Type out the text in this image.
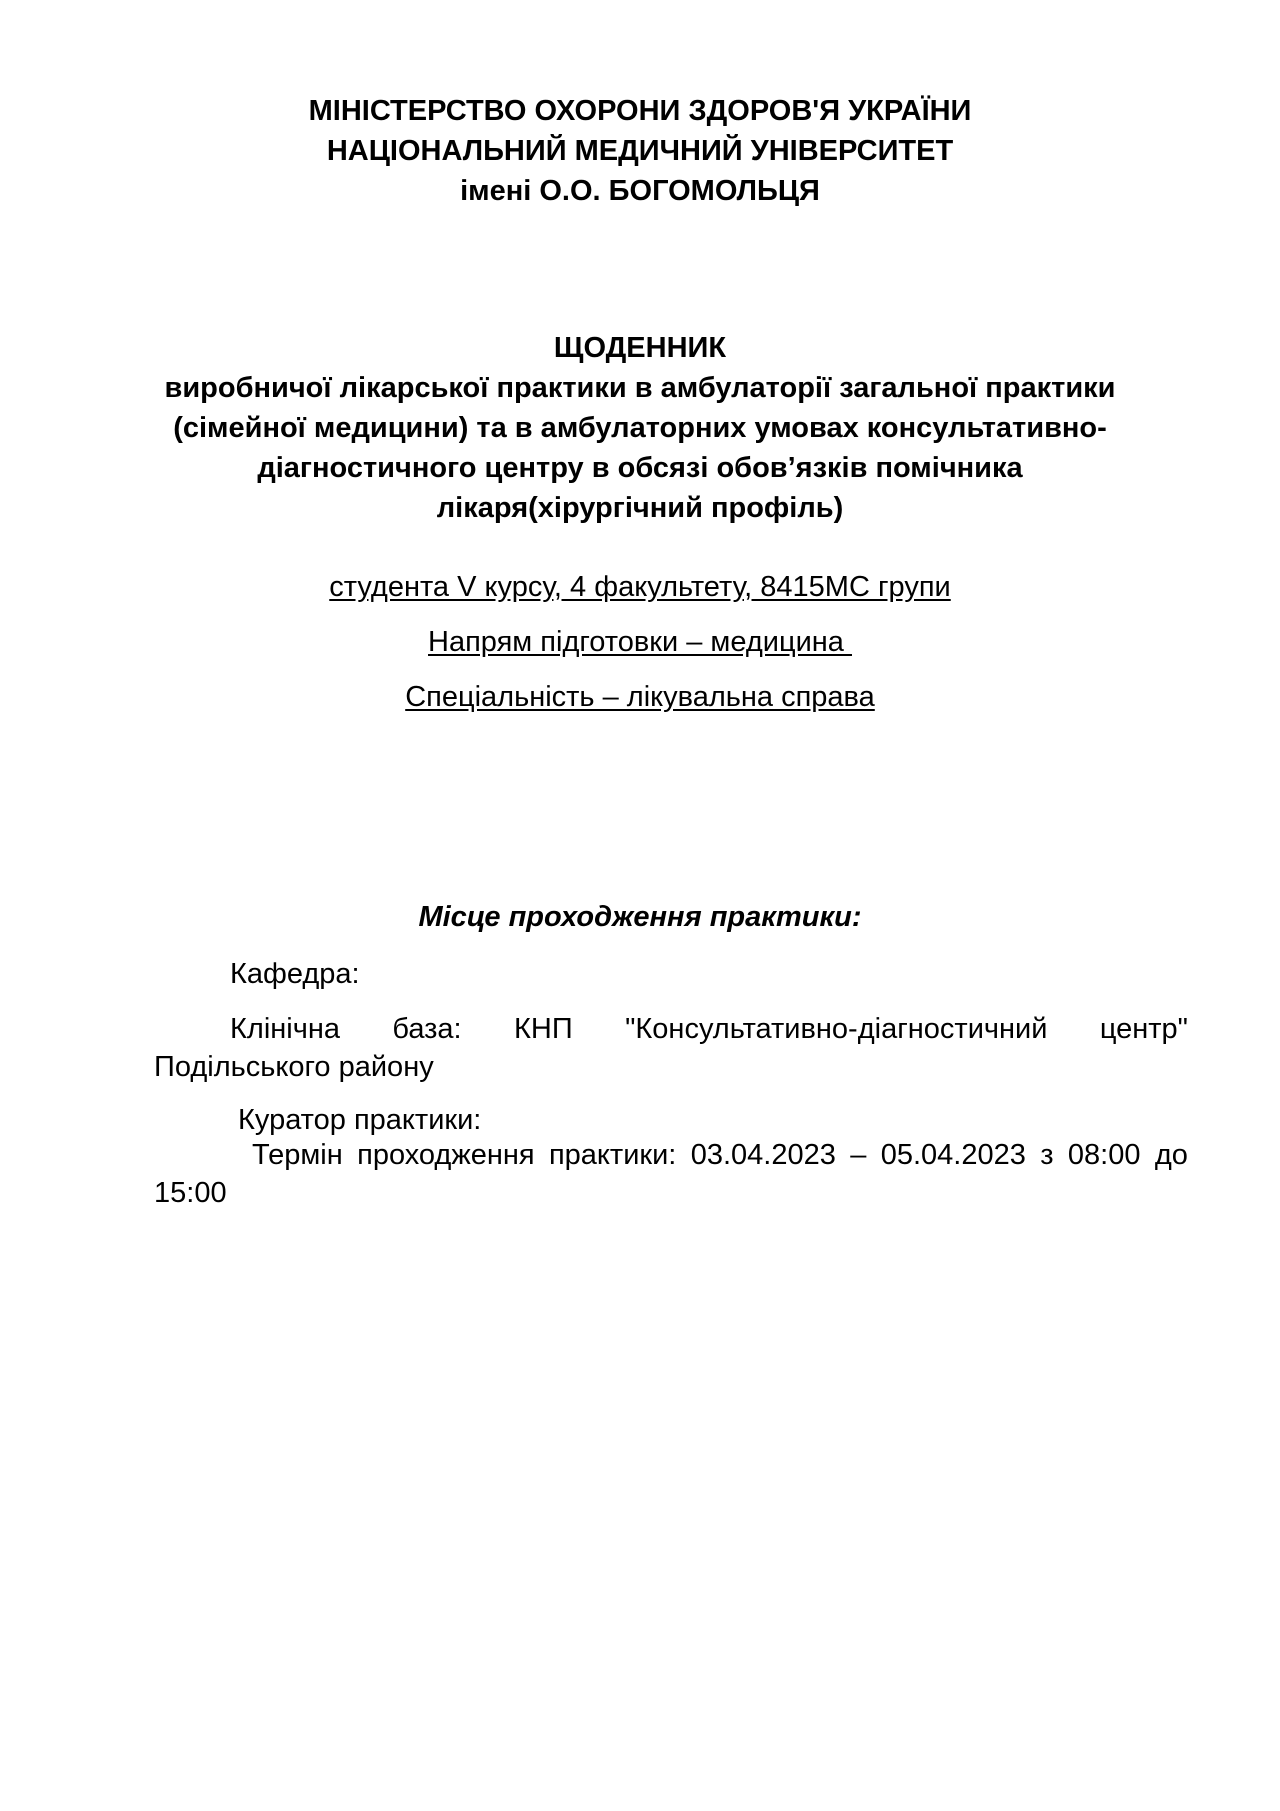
МІНІСТЕРСТВО ОХОРОНИ ЗДОРОВ'Я УКРАЇНИ
НАЦІОНАЛЬНИЙ МЕДИЧНИЙ УНІВЕРСИТЕТ
імені О.О. БОГОМОЛЬЦЯ
ЩОДЕННИК
виробничої лікарської практики в амбулаторії загальної практики
(сімейної медицини) та в амбулаторних умовах консультативно-
діагностичного центру в обсязі обов’язків помічника
лікаря(хірургічний профіль)
студента V курсу, 4 факультету, 8415МС групи
Напрям підготовки – медицина
Спеціальність – лікувальна справа
Місце проходження практики:
Кафедра:
Клінічна база: КНП "Консультативно-діагностичний центр"
Подільського району
Куратор практики:
Термін проходження практики: 03.04.2023 – 05.04.2023 з 08:00 до
15:00
